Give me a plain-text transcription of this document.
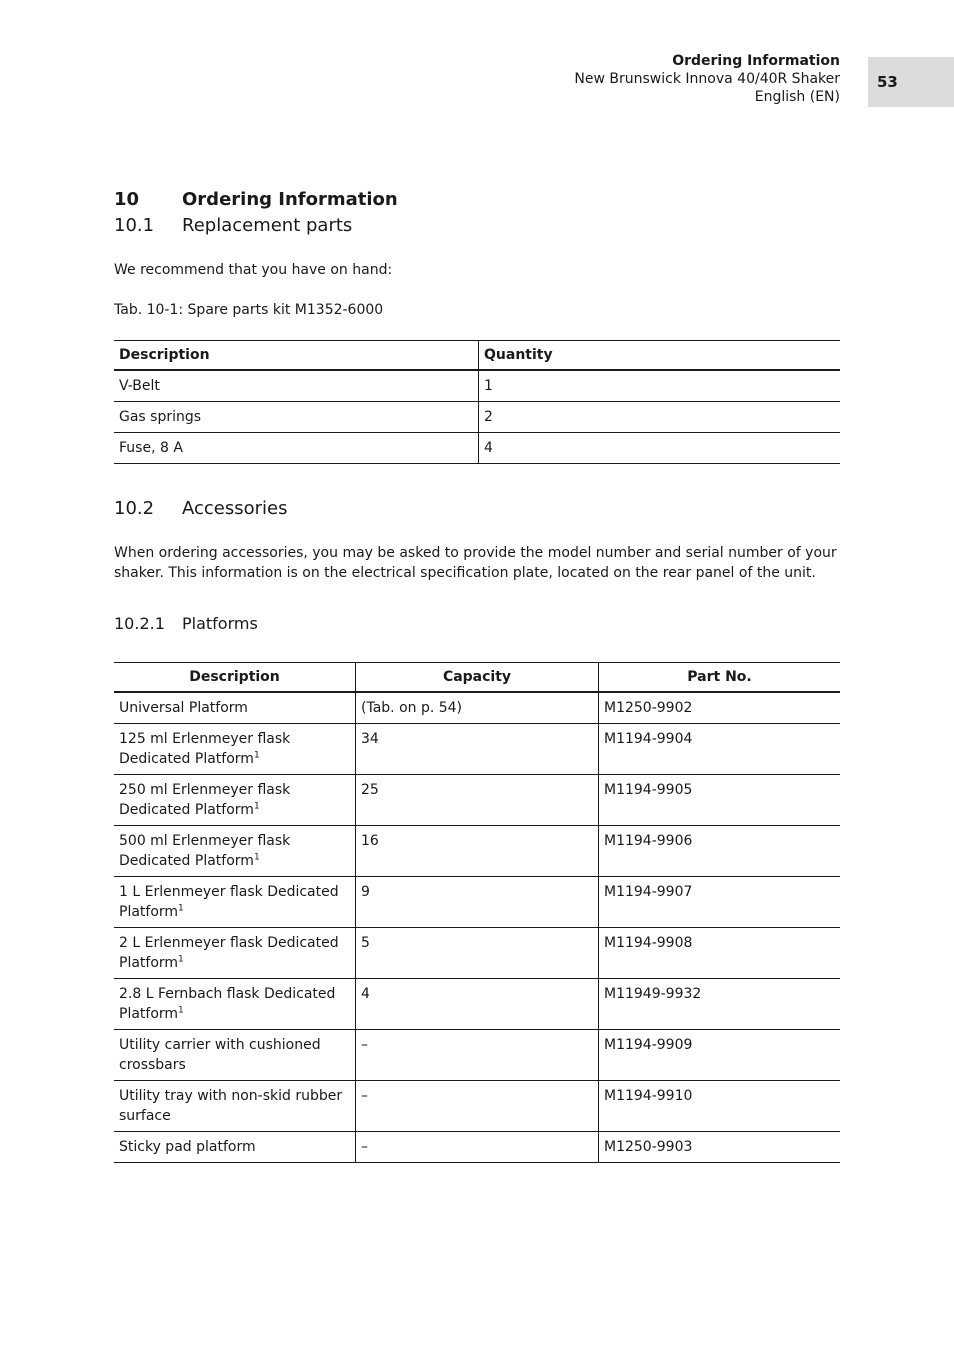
Ordering Information
New Brunswick Innova 40/40R Shaker
English (EN)
53
10 Ordering Information
10.1 Replacement parts
We recommend that you have on hand:
Tab. 10-1: Spare parts kit M1352-6000
Description	Quantity
V-Belt	1
Gas springs	2
Fuse, 8 A	4
10.2 Accessories
When ordering accessories, you may be asked to provide the model number and serial number of your shaker. This information is on the electrical specification plate, located on the rear panel of the unit.
10.2.1 Platforms
Description	Capacity	Part No.
Universal Platform	(Tab. on p. 54)	M1250-9902
125 ml Erlenmeyer flask Dedicated Platform$^1$	34	M1194-9904
250 ml Erlenmeyer flask Dedicated Platform$^1$	25	M1194-9905
500 ml Erlenmeyer flask Dedicated Platform$^1$	16	M1194-9906
1 L Erlenmeyer flask Dedicated Platform$^1$	9	M1194-9907
2 L Erlenmeyer flask Dedicated Platform$^1$	5	M1194-9908
2.8 L Fernbach flask Dedicated Platform$^1$	4	M11949-9932
Utility carrier with cushioned crossbars	–	M1194-9909
Utility tray with non-skid rubber surface	–	M1194-9910
Sticky pad platform	–	M1250-9903
